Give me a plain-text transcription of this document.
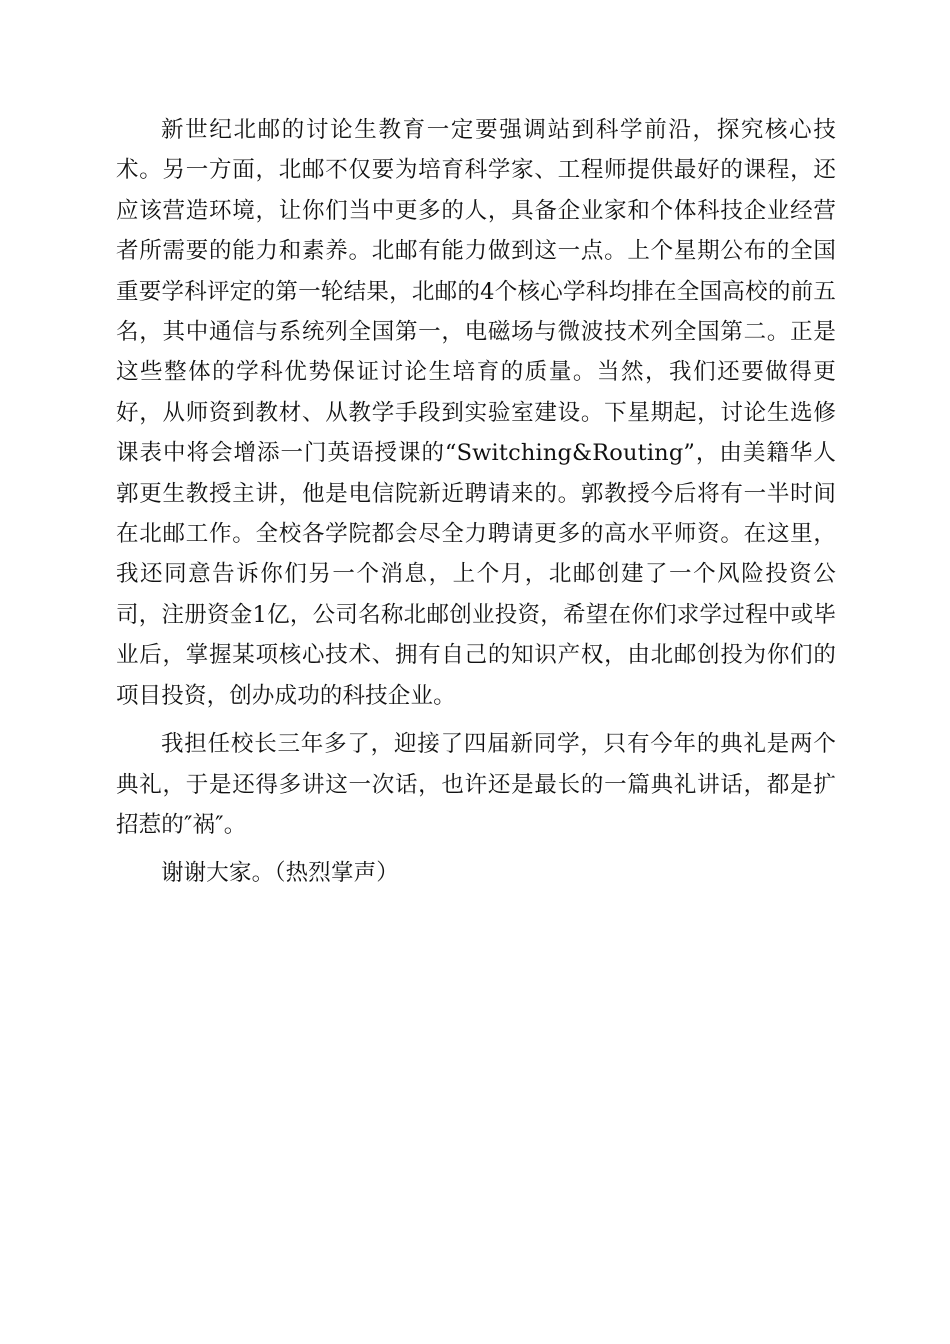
新世纪北邮的讨论生教育一定要强调站到科学前沿，探究核心技术。另一方面，北邮不仅要为培育科学家、工程师提供最好的课程，还应该营造环境，让你们当中更多的人，具备企业家和个体科技企业经营者所需要的能力和素养。北邮有能力做到这一点。上个星期公布的全国重要学科评定的第一轮结果，北邮的4个核心学科均排在全国高校的前五名，其中通信与系统列全国第一，电磁场与微波技术列全国第二。正是这些整体的学科优势保证讨论生培育的质量。当然，我们还要做得更好，从师资到教材、从教学手段到实验室建设。下星期起，讨论生选修课表中将会增添一门英语授课的“Switching&Routing”，由美籍华人郭更生教授主讲，他是电信院新近聘请来的。郭教授今后将有一半时间在北邮工作。全校各学院都会尽全力聘请更多的高水平师资。在这里，我还同意告诉你们另一个消息，上个月，北邮创建了一个风险投资公司，注册资金1亿，公司名称北邮创业投资，希望在你们求学过程中或毕业后，掌握某项核心技术、拥有自己的知识产权，由北邮创投为你们的项目投资，创办成功的科技企业。

我担任校长三年多了，迎接了四届新同学，只有今年的典礼是两个典礼，于是还得多讲这一次话，也许还是最长的一篇典礼讲话，都是扩招惹的″祸″。

谢谢大家。（热烈掌声）
